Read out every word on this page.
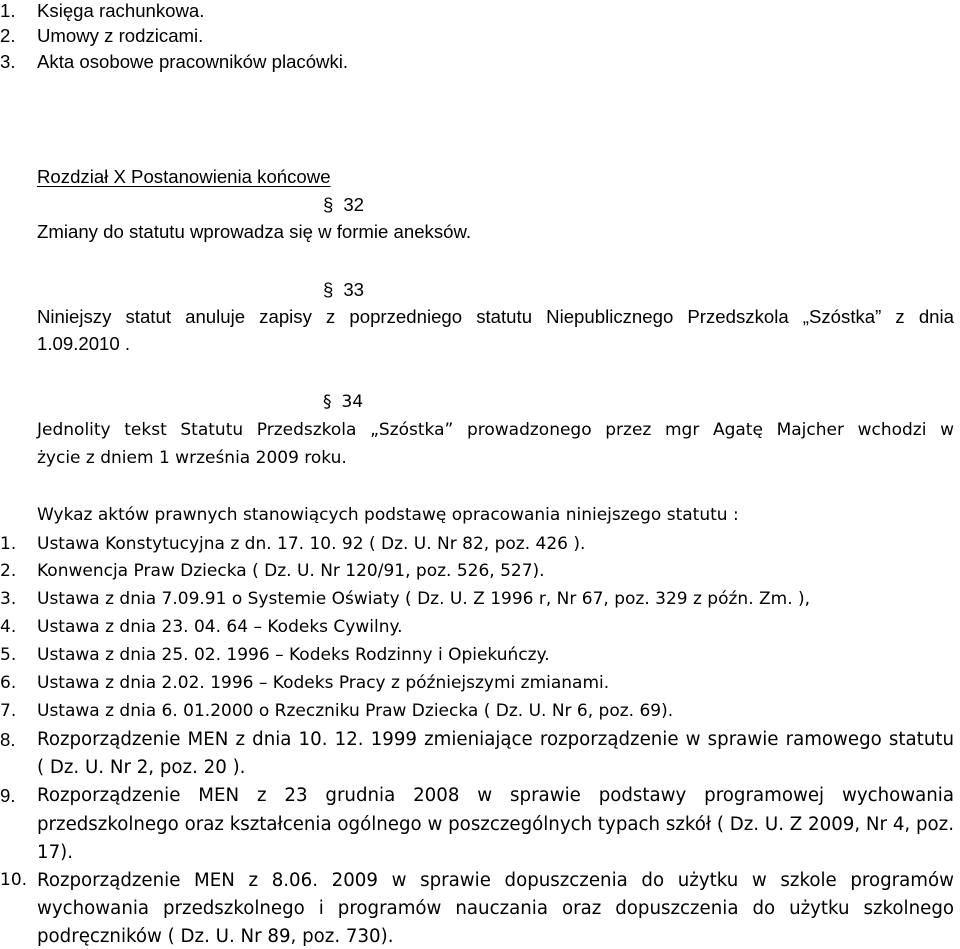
1. Księga rachunkowa.
2. Umowy z rodzicami.
3. Akta osobowe pracowników placówki.
Rozdział X Postanowienia końcowe
§ 32
Zmiany do statutu wprowadza się w formie aneksów.
§ 33
Niniejszy statut anuluje zapisy z poprzedniego statutu Niepublicznego Przedszkola „Szóstka” z dnia
1.09.2010 .
§ 34
Jednolity tekst Statutu Przedszkola „Szóstka” prowadzonego przez mgr Agatę Majcher wchodzi w
życie z dniem 1 września 2009 roku.
Wykaz aktów prawnych stanowiących podstawę opracowania niniejszego statutu :
1. Ustawa Konstytucyjna z dn. 17. 10. 92 ( Dz. U. Nr 82, poz. 426 ).
2. Konwencja Praw Dziecka ( Dz. U. Nr 120/91, poz. 526, 527).
3. Ustawa z dnia 7.09.91 o Systemie Oświaty ( Dz. U. Z 1996 r, Nr 67, poz. 329 z późn. Zm. ),
4. Ustawa z dnia 23. 04. 64 – Kodeks Cywilny.
5. Ustawa z dnia 25. 02. 1996 – Kodeks Rodzinny i Opiekuńczy.
6. Ustawa z dnia 2.02. 1996 – Kodeks Pracy z późniejszymi zmianami.
7. Ustawa z dnia 6. 01.2000 o Rzeczniku Praw Dziecka ( Dz. U. Nr 6, poz. 69).
8. Rozporządzenie MEN z dnia 10. 12. 1999 zmieniające rozporządzenie w sprawie ramowego statutu
( Dz. U. Nr 2, poz. 20 ).
9. Rozporządzenie MEN z 23 grudnia 2008 w sprawie podstawy programowej wychowania
przedszkolnego oraz kształcenia ogólnego w poszczególnych typach szkół ( Dz. U. Z 2009, Nr 4, poz.
17).
10. Rozporządzenie MEN z 8.06. 2009 w sprawie dopuszczenia do użytku w szkole programów
wychowania przedszkolnego i programów nauczania oraz dopuszczenia do użytku szkolnego
podręczników ( Dz. U. Nr 89, poz. 730).
